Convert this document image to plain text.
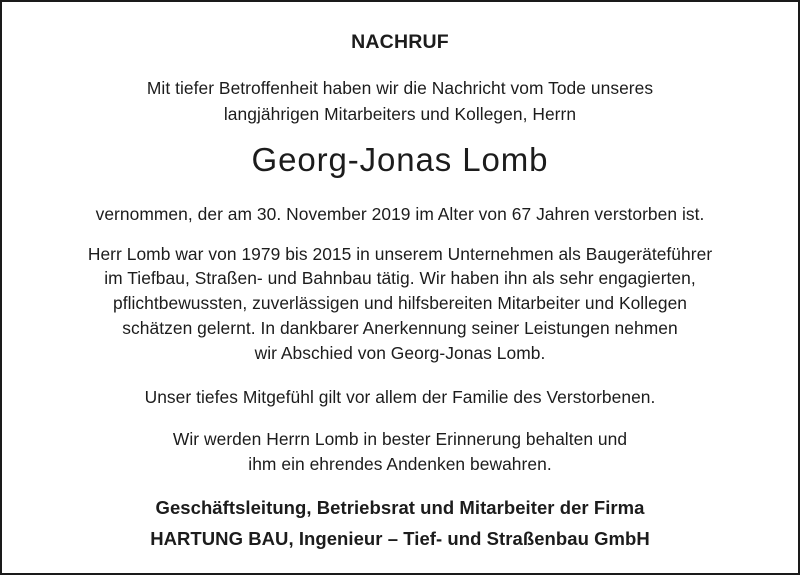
NACHRUF
Mit tiefer Betroffenheit haben wir die Nachricht vom Tode unseres
langjährigen Mitarbeiters und Kollegen, Herrn
Georg-Jonas Lomb
vernommen, der am 30. November 2019 im Alter von 67 Jahren verstorben ist.
Herr Lomb war von 1979 bis 2015 in unserem Unternehmen als Baugeräteführer
im Tiefbau, Straßen- und Bahnbau tätig. Wir haben ihn als sehr engagierten,
pflichtbewussten, zuverlässigen und hilfsbereiten Mitarbeiter und Kollegen
schätzen gelernt. In dankbarer Anerkennung seiner Leistungen nehmen
wir Abschied von Georg-Jonas Lomb.
Unser tiefes Mitgefühl gilt vor allem der Familie des Verstorbenen.
Wir werden Herrn Lomb in bester Erinnerung behalten und
ihm ein ehrendes Andenken bewahren.
Geschäftsleitung, Betriebsrat und Mitarbeiter der Firma
HARTUNG BAU, Ingenieur – Tief- und Straßenbau GmbH
